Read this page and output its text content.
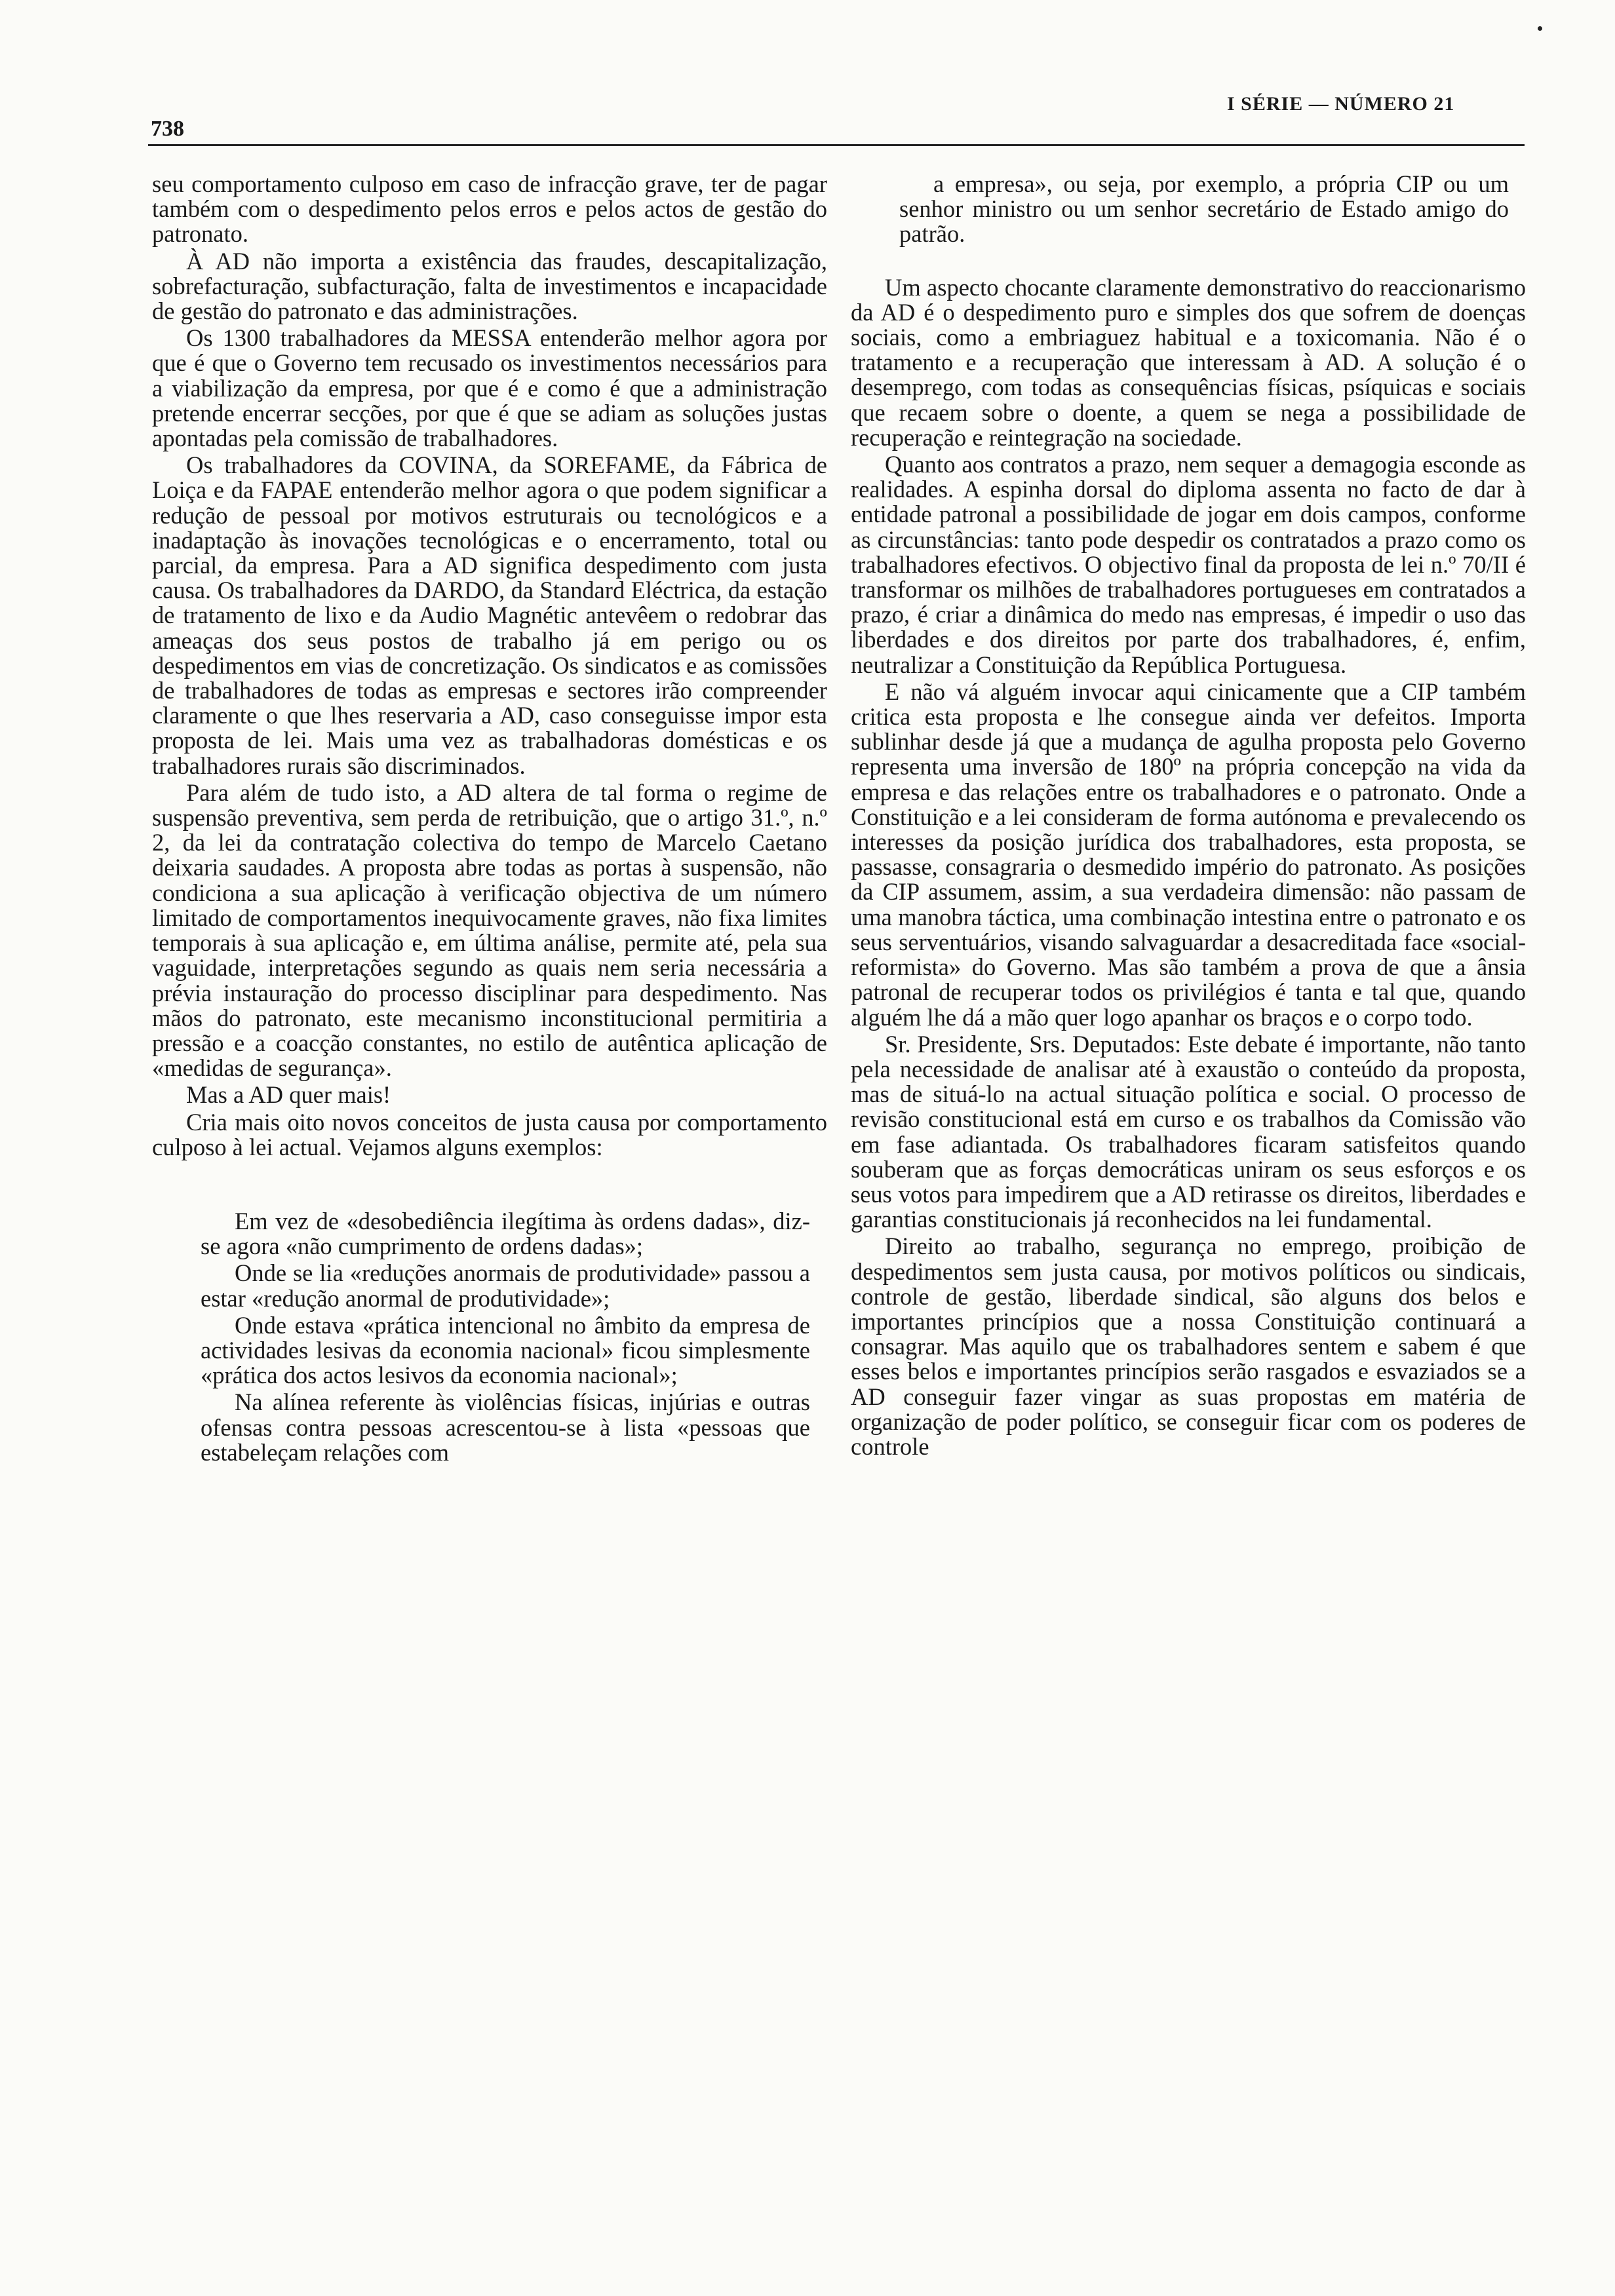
738
I SÉRIE — NÚMERO 21

seu comportamento culposo em caso de infracção grave, ter de pagar também com o despedimento pelos erros e pelos actos de gestão do patronato.

À AD não importa a existência das fraudes, descapitalização, sobrefacturação, subfacturação, falta de investimentos e incapacidade de gestão do patronato e das administrações.

Os 1300 trabalhadores da MESSA entenderão melhor agora por que é que o Governo tem recusado os investimentos necessários para a viabilização da empresa, por que é e como é que a administração pretende encerrar secções, por que é que se adiam as soluções justas apontadas pela comissão de trabalhadores.

Os trabalhadores da COVINA, da SOREFAME, da Fábrica de Loiça e da FAPAE entenderão melhor agora o que podem significar a redução de pessoal por motivos estruturais ou tecnológicos e a inadaptação às inovações tecnológicas e o encerramento, total ou parcial, da empresa. Para a AD significa despedimento com justa causa. Os trabalhadores da DARDO, da Standard Eléctrica, da estação de tratamento de lixo e da Audio Magnétic antevêem o redobrar das ameaças dos seus postos de trabalho já em perigo ou os despedimentos em vias de concretização. Os sindicatos e as comissões de trabalhadores de todas as empresas e sectores irão compreender claramente o que lhes reservaria a AD, caso conseguisse impor esta proposta de lei. Mais uma vez as trabalhadoras domésticas e os trabalhadores rurais são discriminados.

Para além de tudo isto, a AD altera de tal forma o regime de suspensão preventiva, sem perda de retribuição, que o artigo 31.º, n.º 2, da lei da contratação colectiva do tempo de Marcelo Caetano deixaria saudades. A proposta abre todas as portas à suspensão, não condiciona a sua aplicação à verificação objectiva de um número limitado de comportamentos inequivocamente graves, não fixa limites temporais à sua aplicação e, em última análise, permite até, pela sua vaguidade, interpretações segundo as quais nem seria necessária a prévia instauração do processo disciplinar para despedimento. Nas mãos do patronato, este mecanismo inconstitucional permitiria a pressão e a coacção constantes, no estilo de autêntica aplicação de «medidas de segurança».

Mas a AD quer mais!

Cria mais oito novos conceitos de justa causa por comportamento culposo à lei actual. Vejamos alguns exemplos:

Em vez de «desobediência ilegítima às ordens dadas», diz-se agora «não cumprimento de ordens dadas»;

Onde se lia «reduções anormais de produtividade» passou a estar «redução anormal de produtividade»;

Onde estava «prática intencional no âmbito da empresa de actividades lesivas da economia nacional» ficou simplesmente «prática dos actos lesivos da economia nacional»;

Na alínea referente às violências físicas, injúrias e outras ofensas contra pessoas acrescentou-se à lista «pessoas que estabeleçam relações com

a empresa», ou seja, por exemplo, a própria CIP ou um senhor ministro ou um senhor secretário de Estado amigo do patrão.

Um aspecto chocante claramente demonstrativo do reaccionarismo da AD é o despedimento puro e simples dos que sofrem de doenças sociais, como a embriaguez habitual e a toxicomania. Não é o tratamento e a recuperação que interessam à AD. A solução é o desemprego, com todas as consequências físicas, psíquicas e sociais que recaem sobre o doente, a quem se nega a possibilidade de recuperação e reintegração na sociedade.

Quanto aos contratos a prazo, nem sequer a demagogia esconde as realidades. A espinha dorsal do diploma assenta no facto de dar à entidade patronal a possibilidade de jogar em dois campos, conforme as circunstâncias: tanto pode despedir os contratados a prazo como os trabalhadores efectivos. O objectivo final da proposta de lei n.º 70/II é transformar os milhões de trabalhadores portugueses em contratados a prazo, é criar a dinâmica do medo nas empresas, é impedir o uso das liberdades e dos direitos por parte dos trabalhadores, é, enfim, neutralizar a Constituição da República Portuguesa.

E não vá alguém invocar aqui cinicamente que a CIP também critica esta proposta e lhe consegue ainda ver defeitos. Importa sublinhar desde já que a mudança de agulha proposta pelo Governo representa uma inversão de 180º na própria concepção na vida da empresa e das relações entre os trabalhadores e o patronato. Onde a Constituição e a lei consideram de forma autónoma e prevalecendo os interesses da posição jurídica dos trabalhadores, esta proposta, se passasse, consagraria o desmedido império do patronato. As posições da CIP assumem, assim, a sua verdadeira dimensão: não passam de uma manobra táctica, uma combinação intestina entre o patronato e os seus serventuários, visando salvaguardar a desacreditada face «social-reformista» do Governo. Mas são também a prova de que a ânsia patronal de recuperar todos os privilégios é tanta e tal que, quando alguém lhe dá a mão quer logo apanhar os braços e o corpo todo.

Sr. Presidente, Srs. Deputados: Este debate é importante, não tanto pela necessidade de analisar até à exaustão o conteúdo da proposta, mas de situá-lo na actual situação política e social. O processo de revisão constitucional está em curso e os trabalhos da Comissão vão em fase adiantada. Os trabalhadores ficaram satisfeitos quando souberam que as forças democráticas uniram os seus esforços e os seus votos para impedirem que a AD retirasse os direitos, liberdades e garantias constitucionais já reconhecidos na lei fundamental.

Direito ao trabalho, segurança no emprego, proibição de despedimentos sem justa causa, por motivos políticos ou sindicais, controle de gestão, liberdade sindical, são alguns dos belos e importantes princípios que a nossa Constituição continuará a consagrar. Mas aquilo que os trabalhadores sentem e sabem é que esses belos e importantes princípios serão rasgados e esvaziados se a AD conseguir fazer vingar as suas propostas em matéria de organização de poder político, se conseguir ficar com os poderes de controle
